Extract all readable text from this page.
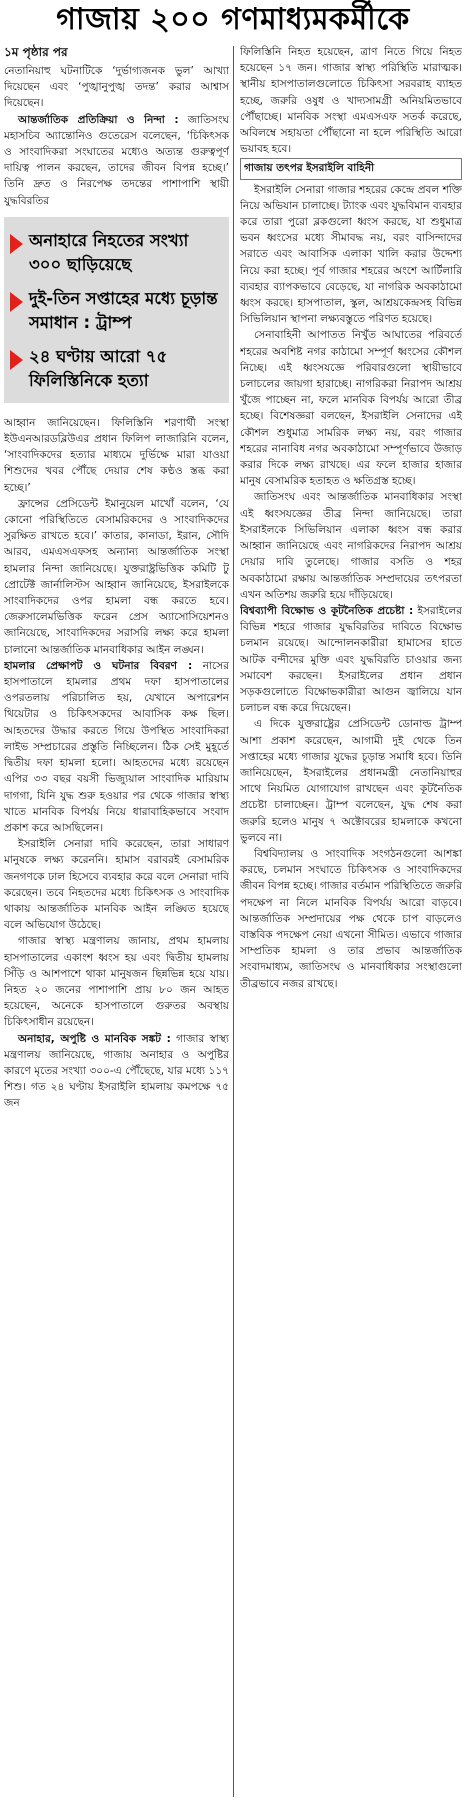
গাজায় ২০০ গণমাধ্যমকর্মীকে
১ম পৃষ্ঠার পর

নেতানিয়াহু ঘটনাটিকে ‘দুর্ভাগ্যজনক ভুল’ আখ্যা দিয়েছেন এবং ‘পুঙ্খানুপুঙ্খ তদন্ত’ করার আশ্বাস দিয়েছেন।

আন্তর্জাতিক প্রতিক্রিয়া ও নিন্দা : জাতিসংঘ মহাসচিব অ্যান্তোনিও গুতেরেস বলেছেন, ‘চিকিৎসক ও সাংবাদিকরা সংঘাতের মধ্যেও অত্যন্ত গুরুত্বপূর্ণ দায়িত্ব পালন করছেন, তাদের জীবন বিপন্ন হচ্ছে।’ তিনি দ্রুত ও নিরপেক্ষ তদন্তের পাশাপাশি স্থায়ী যুদ্ধবিরতির

অনাহারে নিহতের সংখ্যা ৩০০ ছাড়িয়েছে
দুই-তিন সপ্তাহের মধ্যে চূড়ান্ত সমাধান : ট্রাম্প
২৪ ঘণ্টায় আরো ৭৫ ফিলিস্তিনিকে হত্যা

আহ্বান জানিয়েছেন। ফিলিস্তিনি শরণার্থী সংস্থা ইউএনআরডব্লিউএর প্রধান ফিলিপ লাজারিনি বলেন, ‘সাংবাদিকদের হত্যার মাধ্যমে দুর্ভিক্ষে মারা যাওয়া শিশুদের খবর পৌঁছে দেয়ার শেষ কণ্ঠও স্তব্ধ করা হচ্ছে।’

ফ্রান্সের প্রেসিডেন্ট ইমানুয়েল মাখোঁ বলেন, ‘যে কোনো পরিস্থিতিতে বেসামরিকদের ও সাংবাদিকদের সুরক্ষিত রাখতে হবে।’ কাতার, কানাডা, ইরান, সৌদি আরব, এমএসএফসহ অন্যান্য আন্তর্জাতিক সংস্থা হামলার নিন্দা জানিয়েছে। যুক্তরাষ্ট্রভিত্তিক কমিটি টু প্রোটেক্ট জার্নালিস্টস আহ্বান জানিয়েছে, ইসরাইলকে সাংবাদিকদের ওপর হামলা বন্ধ করতে হবে। জেরুসালেমভিত্তিক ফরেন প্রেস অ্যাসোসিয়েশনও জানিয়েছে, সাংবাদিকদের সরাসরি লক্ষ্য করে হামলা চালানো আন্তর্জাতিক মানবাধিকার আইন লঙ্ঘন।

হামলার প্রেক্ষাপট ও ঘটনার বিবরণ : নাসের হাসপাতালে হামলার প্রথম দফা হাসপাতালের ওপরতলায় পরিচালিত হয়, যেখানে অপারেশন থিয়েটার ও চিকিৎসকদের আবাসিক কক্ষ ছিল। আহতদের উদ্ধার করতে গিয়ে উপস্থিত সাংবাদিকরা লাইভ সম্প্রচারের প্রস্তুতি নিচ্ছিলেন। ঠিক সেই মুহূর্তে দ্বিতীয় দফা হামলা হলো। আহতদের মধ্যে রয়েছেন এপির ৩৩ বছর বয়সী ভিজ্যুয়াল সাংবাদিক মারিয়াম দাগগা, যিনি যুদ্ধ শুরু হওয়ার পর থেকে গাজার স্বাস্থ্য খাতে মানবিক বিপর্যয় নিয়ে ধারাবাহিকভাবে সংবাদ প্রকাশ করে আসছিলেন।

ইসরাইলি সেনারা দাবি করেছেন, তারা সাধারণ মানুষকে লক্ষ্য করেননি। হামাস বরাবরই বেসামরিক জনগণকে ঢাল হিসেবে ব্যবহার করে বলে সেনারা দাবি করেছেন। তবে নিহতদের মধ্যে চিকিৎসক ও সাংবাদিক থাকায় আন্তর্জাতিক মানবিক আইন লঙ্ঘিত হয়েছে বলে অভিযোগ উঠেছে।

গাজার স্বাস্থ্য মন্ত্রণালয় জানায়, প্রথম হামলায় হাসপাতালের একাংশ ধ্বংস হয় এবং দ্বিতীয় হামলায় সিঁড়ি ও আশপাশে থাকা মানুষজন ছিন্নভিন্ন হয়ে যায়। নিহত ২০ জনের পাশাপাশি প্রায় ৮০ জন আহত হয়েছেন, অনেকে হাসপাতালে গুরুতর অবস্থায় চিকিৎসাধীন রয়েছেন।

অনাহার, অপুষ্টি ও মানবিক সঙ্কট : গাজার স্বাস্থ্য মন্ত্রণালয় জানিয়েছে, গাজায় অনাহার ও অপুষ্টির কারণে মৃতের সংখ্যা ৩০০-এ পৌঁছেছে, যার মধ্যে ১১৭ শিশু। গত ২৪ ঘণ্টায় ইসরাইলি হামলায় কমপক্ষে ৭৫ জন

ফিলিস্তিনি নিহত হয়েছেন, ত্রাণ নিতে গিয়ে নিহত হয়েছেন ১৭ জন। গাজার স্বাস্থ্য পরিস্থিতি মারাত্মক। স্থানীয় হাসপাতালগুলোতে চিকিৎসা সরবরাহ ব্যাহত হচ্ছে, জরুরি ওষুধ ও খাদ্যসামগ্রী অনিয়মিতভাবে পৌঁছাচ্ছে। মানবিক সংস্থা এমএসএফ সতর্ক করেছে, অবিলম্বে সহায়তা পৌঁছানো না হলে পরিস্থিতি আরো ভয়াবহ হবে।

গাজায় তৎপর ইসরাইলি বাহিনী

ইসরাইলি সেনারা গাজার শহরের কেন্দ্রে প্রবল শক্তি নিয়ে অভিযান চালাচ্ছে। ট্যাংক এবং যুদ্ধবিমান ব্যবহার করে তারা পুরো ব্লকগুলো ধ্বংস করছে, যা শুধুমাত্র ভবন ধ্বংসের মধ্যে সীমাবদ্ধ নয়, বরং বাসিন্দাদের সরাতে এবং আবাসিক এলাকা খালি করার উদ্দেশ্য নিয়ে করা হচ্ছে। পূর্ব গাজার শহরের অংশে আর্টিলারি ব্যবহার ব্যাপকভাবে বেড়েছে, যা নাগরিক অবকাঠামো ধ্বংস করছে। হাসপাতাল, স্কুল, আশ্রয়কেন্দ্রসহ বিভিন্ন সিভিলিয়ান স্থাপনা লক্ষ্যবস্তুতে পরিণত হয়েছে।

সেনাবাহিনী আপাতত নিখুঁত আঘাতের পরিবর্তে শহরের অবশিষ্ট নগর কাঠামো সম্পূর্ণ ধ্বংসের কৌশল নিচ্ছে। এই ধ্বংসযজ্ঞে পরিবারগুলো স্থায়ীভাবে চলাচলের জায়গা হারাচ্ছে। নাগরিকরা নিরাপদ আশ্রয় খুঁজে পাচ্ছেন না, ফলে মানবিক বিপর্যয় আরো তীব্র হচ্ছে। বিশেষজ্ঞরা বলছেন, ইসরাইলি সেনাদের এই কৌশল শুধুমাত্র সামরিক লক্ষ্য নয়, বরং গাজার শহরের নানাবিধ নগর অবকাঠামো সম্পূর্ণভাবে উজাড় করার দিকে লক্ষ্য রাখছে। এর ফলে হাজার হাজার মানুষ বেসামরিক হতাহত ও ক্ষতিগ্রস্ত হচ্ছে।

জাতিসংঘ এবং আন্তর্জাতিক মানবাধিকার সংস্থা এই ধ্বংসযজ্ঞের তীব্র নিন্দা জানিয়েছে। তারা ইসরাইলকে সিভিলিয়ান এলাকা ধ্বংস বন্ধ করার আহ্বান জানিয়েছে এবং নাগরিকদের নিরাপদ আশ্রয় দেয়ার দাবি তুলেছে। গাজার বসতি ও শহর অবকাঠামো রক্ষায় আন্তর্জাতিক সম্প্রদায়ের তৎপরতা এখন অতিশয় জরুরি হয়ে দাঁড়িয়েছে।

বিশ্বব্যাপী বিক্ষোভ ও কূটনৈতিক প্রচেষ্টা : ইসরাইলের বিভিন্ন শহরে গাজার যুদ্ধবিরতির দাবিতে বিক্ষোভ চলমান রয়েছে। আন্দোলনকারীরা হামাসের হাতে আটক বন্দীদের মুক্তি এবং যুদ্ধবিরতি চাওয়ার জন্য সমাবেশ করছেন। ইসরাইলের প্রধান প্রধান সড়কগুলোতে বিক্ষোভকারীরা আগুন জ্বালিয়ে যান চলাচল বন্ধ করে দিয়েছেন।

এ দিকে যুক্তরাষ্ট্রের প্রেসিডেন্ট ডোনাল্ড ট্রাম্প আশা প্রকাশ করেছেন, আগামী দুই থেকে তিন সপ্তাহের মধ্যে গাজার যুদ্ধের চূড়ান্ত সমাধি হবে। তিনি জানিয়েছেন, ইসরাইলের প্রধানমন্ত্রী নেতানিয়াহুর সাথে নিয়মিত যোগাযোগ রাখছেন এবং কূটনৈতিক প্রচেষ্টা চালাচ্ছেন। ট্রাম্প বলেছেন, যুদ্ধ শেষ করা জরুরি হলেও মানুষ ৭ অক্টোবরের হামলাকে কখনো ভুলবে না।

বিশ্ববিদ্যালয় ও সাংবাদিক সংগঠনগুলো আশঙ্কা করছে, চলমান সংঘাতে চিকিৎসক ও সাংবাদিকদের জীবন বিপন্ন হচ্ছে। গাজার বর্তমান পরিস্থিতিতে জরুরি পদক্ষেপ না নিলে মানবিক বিপর্যয় আরো বাড়বে। আন্তর্জাতিক সম্প্রদায়ের পক্ষ থেকে চাপ বাড়লেও বাস্তবিক পদক্ষেপ নেয়া এখনো সীমিত। এভাবে গাজার সাম্প্রতিক হামলা ও তার প্রভাব আন্তর্জাতিক সংবাদমাধ্যম, জাতিসংঘ ও মানবাধিকার সংস্থাগুলো তীব্রভাবে নজর রাখছে।
